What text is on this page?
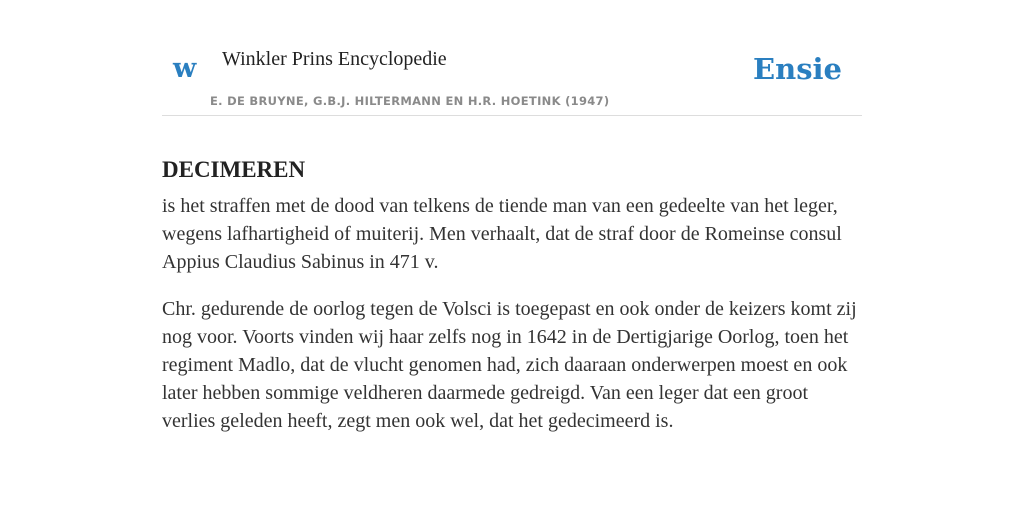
w Winkler Prins Encyclopedie
E. DE BRUYNE, G.B.J. HILTERMANN EN H.R. HOETINK (1947)
Ensie
DECIMEREN

is het straffen met de dood van telkens de tiende man van een gedeelte van het leger, wegens lafhartigheid of muiterij. Men verhaalt, dat de straf door de Romeinse consul Appius Claudius Sabinus in 471 v.

Chr. gedurende de oorlog tegen de Volsci is toegepast en ook onder de keizers komt zij nog voor. Voorts vinden wij haar zelfs nog in 1642 in de Dertigjarige Oorlog, toen het regiment Madlo, dat de vlucht genomen had, zich daaraan onderwerpen moest en ook later hebben sommige veldheren daarmede gedreigd. Van een leger dat een groot verlies geleden heeft, zegt men ook wel, dat het gedecimeerd is.
